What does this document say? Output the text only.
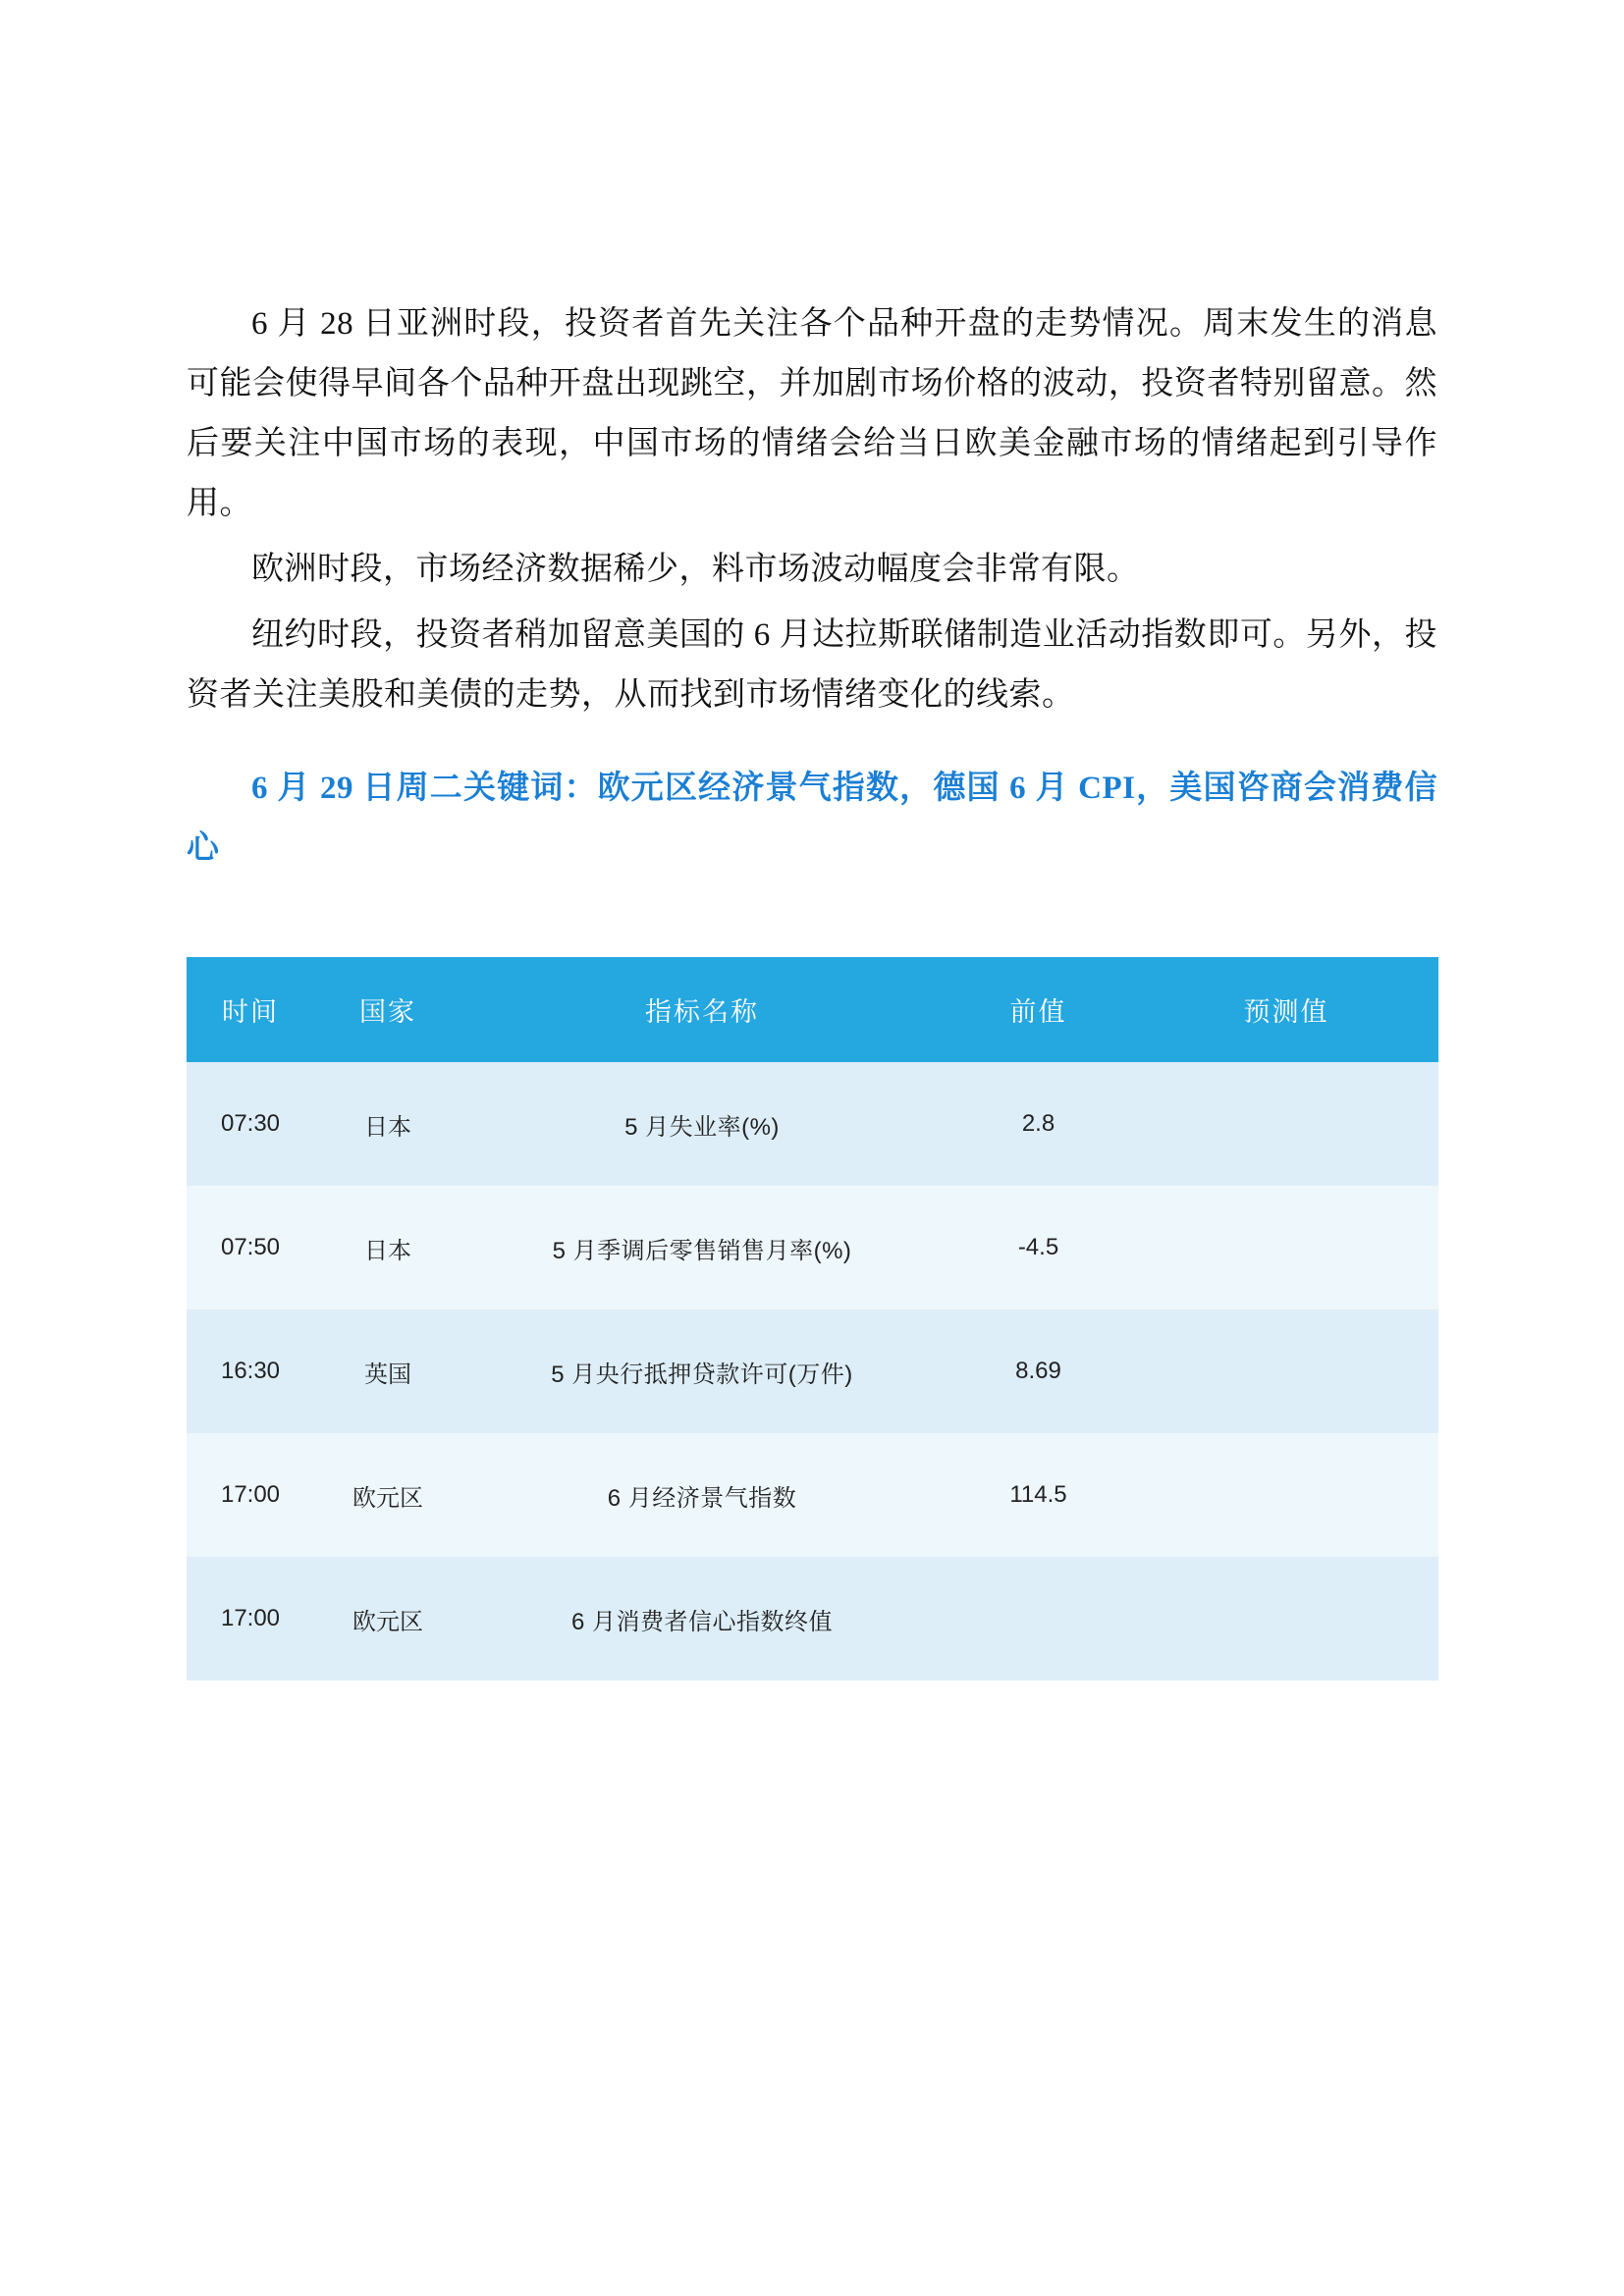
6 月 28 日亚洲时段，投资者首先关注各个品种开盘的走势情况。周末发生的消息可能会使得早间各个品种开盘出现跳空，并加剧市场价格的波动，投资者特别留意。然后要关注中国市场的表现，中国市场的情绪会给当日欧美金融市场的情绪起到引导作用。

欧洲时段，市场经济数据稀少，料市场波动幅度会非常有限。

纽约时段，投资者稍加留意美国的 6 月达拉斯联储制造业活动指数即可。另外，投资者关注美股和美债的走势，从而找到市场情绪变化的线索。

6 月 29 日周二关键词：欧元区经济景气指数，德国 6 月 CPI，美国咨商会消费信心

时间	国家	指标名称	前值	预测值
07:30	日本	5 月失业率(%)	2.8	
07:50	日本	5 月季调后零售销售月率(%)	-4.5	
16:30	英国	5 月央行抵押贷款许可(万件)	8.69	
17:00	欧元区	6 月经济景气指数	114.5	
17:00	欧元区	6 月消费者信心指数终值		
